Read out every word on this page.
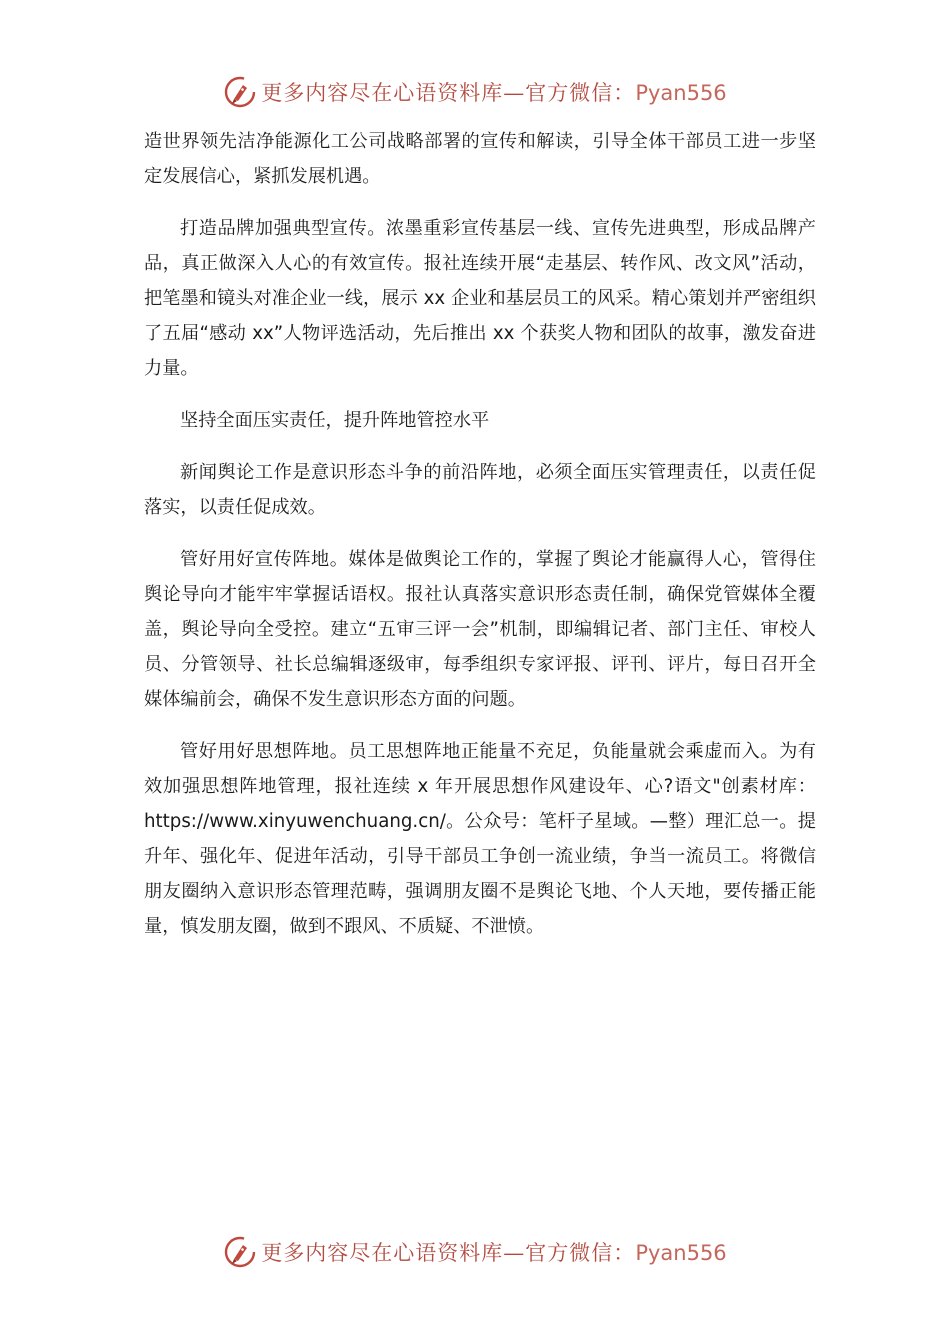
更多内容尽在心语资料库—官方微信：Pyan556

造世界领先洁净能源化工公司战略部署的宣传和解读，引导全体干部员工进一步坚定发展信心，紧抓发展机遇。

打造品牌加强典型宣传。浓墨重彩宣传基层一线、宣传先进典型，形成品牌产品，真正做深入人心的有效宣传。报社连续开展“走基层、转作风、改文风”活动，把笔墨和镜头对准企业一线，展示 xx 企业和基层员工的风采。精心策划并严密组织了五届“感动 xx”人物评选活动，先后推出 xx 个获奖人物和团队的故事，激发奋进力量。

坚持全面压实责任，提升阵地管控水平

新闻舆论工作是意识形态斗争的前沿阵地，必须全面压实管理责任，以责任促落实，以责任促成效。

管好用好宣传阵地。媒体是做舆论工作的，掌握了舆论才能赢得人心，管得住舆论导向才能牢牢掌握话语权。报社认真落实意识形态责任制，确保党管媒体全覆盖，舆论导向全受控。建立“五审三评一会”机制，即编辑记者、部门主任、审校人员、分管领导、社长总编辑逐级审，每季组织专家评报、评刊、评片，每日召开全媒体编前会，确保不发生意识形态方面的问题。

管好用好思想阵地。员工思想阵地正能量不充足，负能量就会乘虚而入。为有效加强思想阵地管理，报社连续 x 年开展思想作风建设年、心?语文"创素材库：https://www.xinyuwenchuang.cn/。公众号：笔杆子星域。—整）理汇总一。提升年、强化年、促进年活动，引导干部员工争创一流业绩，争当一流员工。将微信朋友圈纳入意识形态管理范畴，强调朋友圈不是舆论飞地、个人天地，要传播正能量，慎发朋友圈，做到不跟风、不质疑、不泄愤。

更多内容尽在心语资料库—官方微信：Pyan556
